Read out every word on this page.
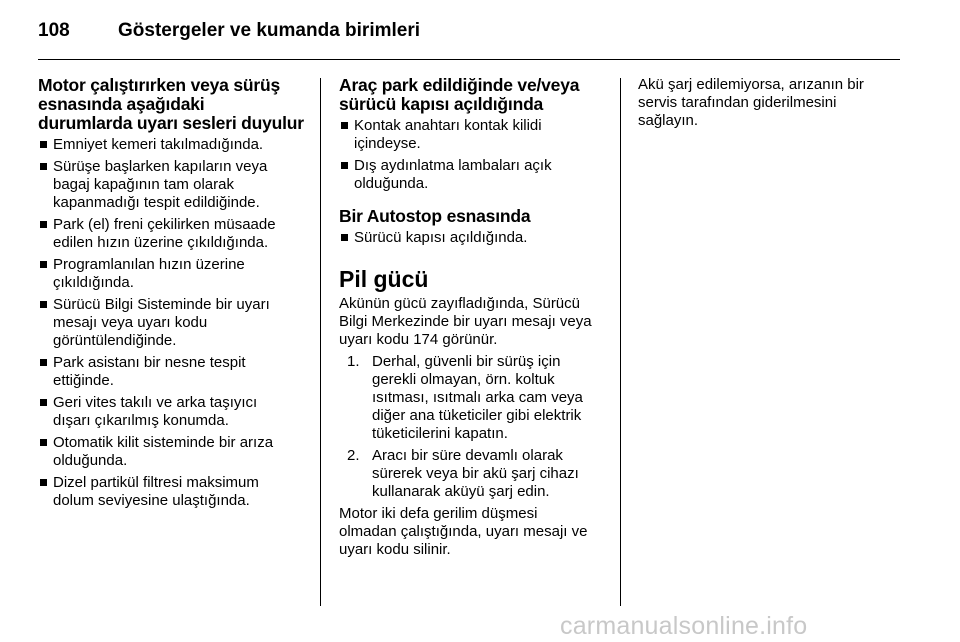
108	Göstergeler ve kumanda birimleri
Motor çalıştırırken veya sürüş
esnasında aşağıdaki
durumlarda uyarı sesleri duyulur
Emniyet kemeri takılmadığında.
Sürüşe başlarken kapıların veya
bagaj kapağının tam olarak
kapanmadığı tespit edildiğinde.
Park (el) freni çekilirken müsaade
edilen hızın üzerine çıkıldığında.
Programlanılan hızın üzerine
çıkıldığında.
Sürücü Bilgi Sisteminde bir uyarı
mesajı veya uyarı kodu
görüntülendiğinde.
Park asistanı bir nesne tespit
ettiğinde.
Geri vites takılı ve arka taşıyıcı
dışarı çıkarılmış konumda.
Otomatik kilit sisteminde bir arıza
olduğunda.
Dizel partikül filtresi maksimum
dolum seviyesine ulaştığında.
Araç park edildiğinde ve/veya
sürücü kapısı açıldığında
Kontak anahtarı kontak kilidi
içindeyse.
Dış aydınlatma lambaları açık
olduğunda.
Bir Autostop esnasında
Sürücü kapısı açıldığında.
Pil gücü

Akünün gücü zayıfladığında, Sürücü
Bilgi Merkezinde bir uyarı mesajı veya
uyarı kodu 174 görünür.

1. Derhal, güvenli bir sürüş için
gerekli olmayan, örn. koltuk
ısıtması, ısıtmalı arka cam veya
diğer ana tüketiciler gibi elektrik
tüketicilerini kapatın.
2. Aracı bir süre devamlı olarak
sürerek veya bir akü şarj cihazı
kullanarak aküyü şarj edin.

Motor iki defa gerilim düşmesi
olmadan çalıştığında, uyarı mesajı ve
uyarı kodu silinir.

Akü şarj edilemiyorsa, arızanın bir
servis tarafından giderilmesini
sağlayın.

carmanualsonline.info
